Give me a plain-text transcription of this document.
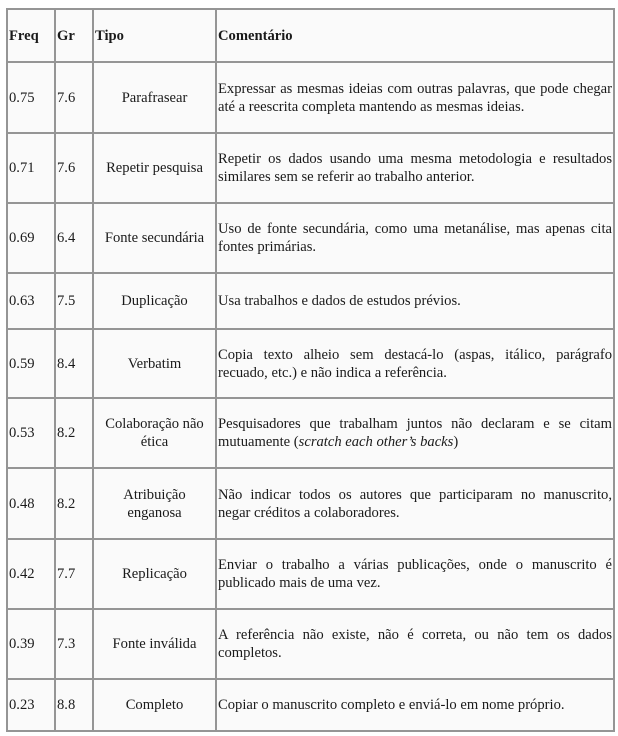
Freq	Gr	Tipo	Comentário
0.75	7.6	Parafrasear	Expressar as mesmas ideias com outras palavras, que pode chegar até a reescrita completa mantendo as mesmas ideias.
0.71	7.6	Repetir pesquisa	Repetir os dados usando uma mesma metodologia e resultados similares sem se referir ao trabalho anterior.
0.69	6.4	Fonte secundária	Uso de fonte secundária, como uma metanálise, mas apenas cita fontes primárias.
0.63	7.5	Duplicação	Usa trabalhos e dados de estudos prévios.
0.59	8.4	Verbatim	Copia texto alheio sem destacá-lo (aspas, itálico, parágrafo recuado, etc.) e não indica a referência.
0.53	8.2	Colaboração não ética	Pesquisadores que trabalham juntos não declaram e se citam mutuamente (scratch each other’s backs)
0.48	8.2	Atribuição enganosa	Não indicar todos os autores que participaram no manuscrito, negar créditos a colaboradores.
0.42	7.7	Replicação	Enviar o trabalho a várias publicações, onde o manuscrito é publicado mais de uma vez.
0.39	7.3	Fonte inválida	A referência não existe, não é correta, ou não tem os dados completos.
0.23	8.8	Completo	Copiar o manuscrito completo e enviá-lo em nome próprio.
